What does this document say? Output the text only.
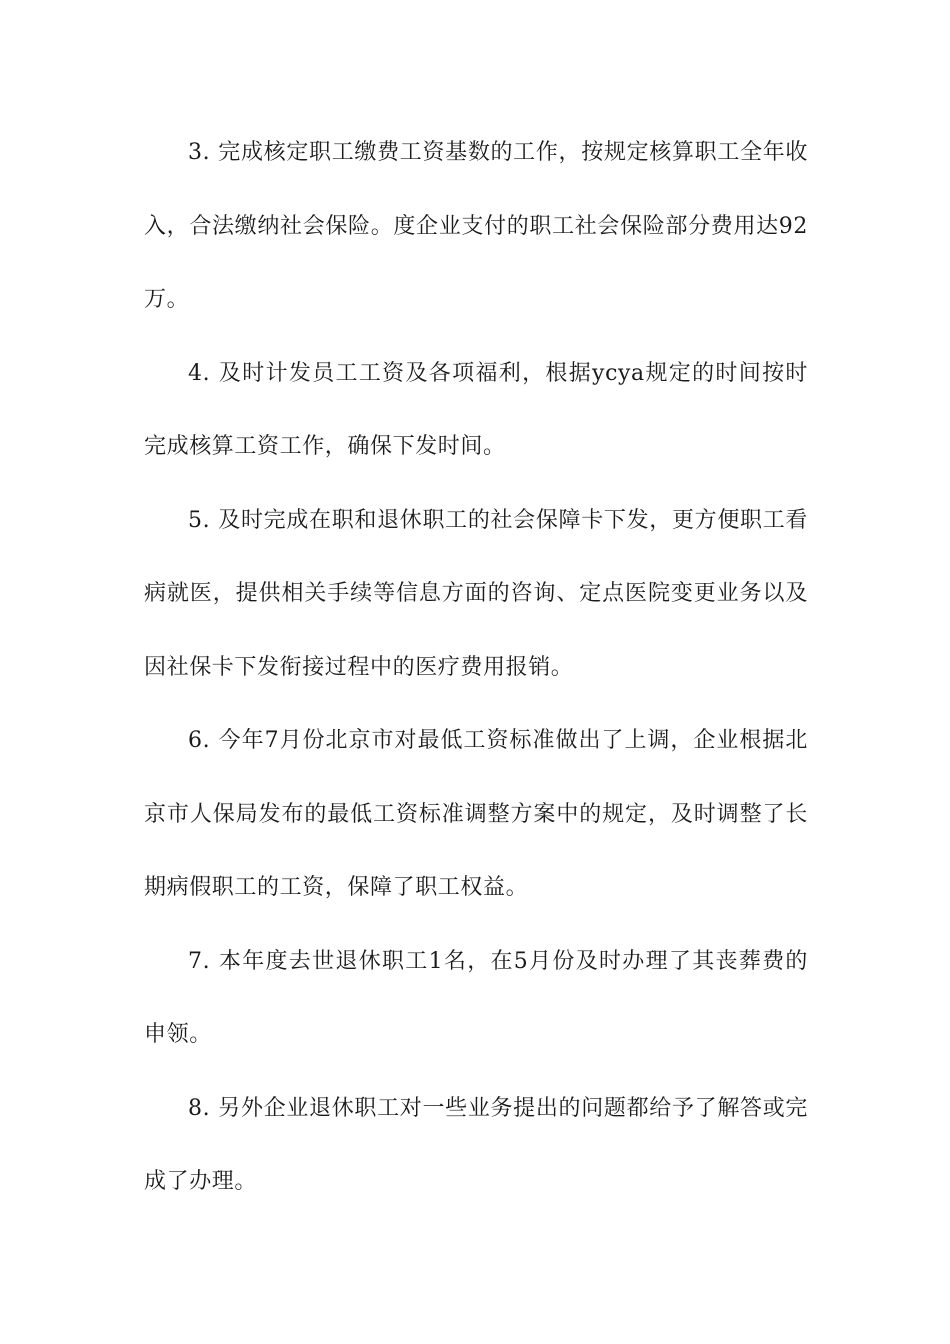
3. 完成核定职工缴费工资基数的工作，按规定核算职工全年收入，合法缴纳社会保险。度企业支付的职工社会保险部分费用达92万。

4. 及时计发员工工资及各项福利，根据ycya规定的时间按时完成核算工资工作，确保下发时间。

5. 及时完成在职和退休职工的社会保障卡下发，更方便职工看病就医，提供相关手续等信息方面的咨询、定点医院变更业务以及因社保卡下发衔接过程中的医疗费用报销。

6. 今年7月份北京市对最低工资标准做出了上调，企业根据北京市人保局发布的最低工资标准调整方案中的规定，及时调整了长期病假职工的工资，保障了职工权益。

7. 本年度去世退休职工1名，在5月份及时办理了其丧葬费的申领。

8. 另外企业退休职工对一些业务提出的问题都给予了解答或完成了办理。
